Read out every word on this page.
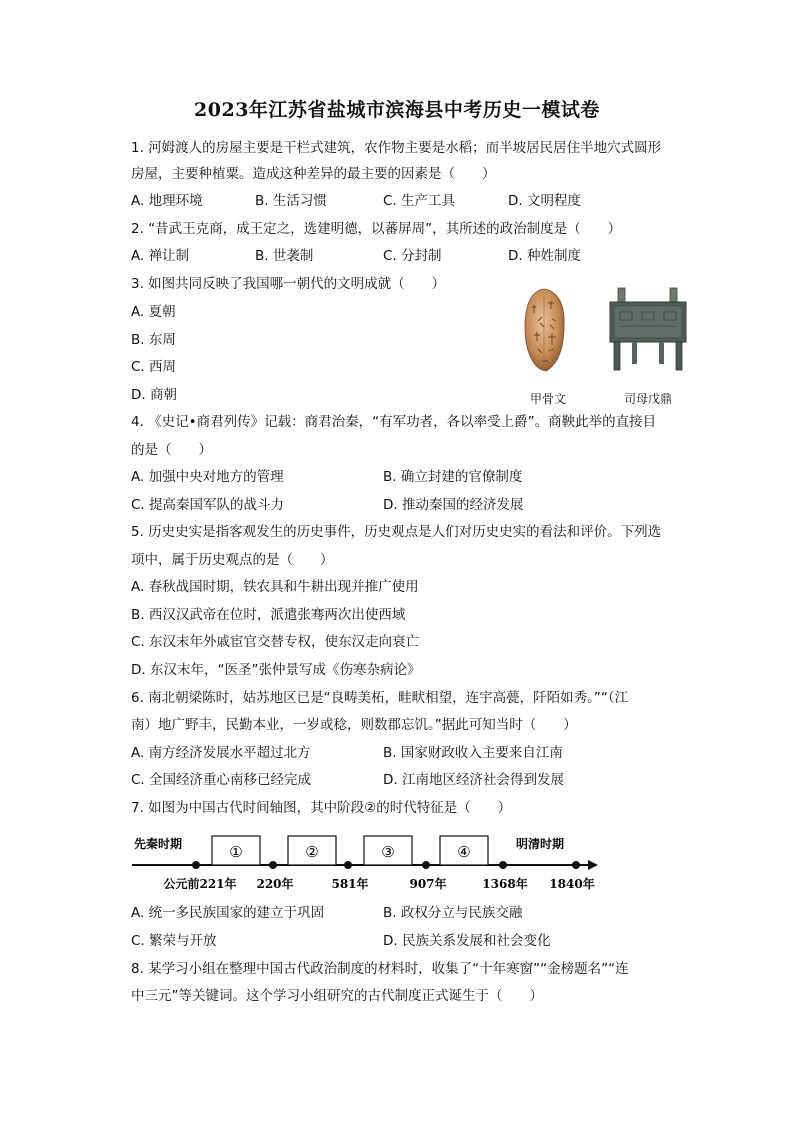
2023年江苏省盐城市滨海县中考历史一模试卷
1. 河姆渡人的房屋主要是干栏式建筑，农作物主要是水稻；而半坡居民居住半地穴式圆形
房屋，主要种植粟。造成这种差异的最主要的因素是（　　）
A. 地理环境	B. 生活习惯	C. 生产工具	D. 文明程度
2. “昔武王克商，成王定之，选建明德，以蕃屏周”，其所述的政治制度是（　　）
A. 禅让制	B. 世袭制	C. 分封制	D. 种姓制度
3. 如图共同反映了我国哪一朝代的文明成就（　　）
A. 夏朝
B. 东周
C. 西周
D. 商朝	甲骨文	司母戊鼎
4. 《史记•商君列传》记载：商君治秦，“有军功者，各以率受上爵”。商鞅此举的直接目
的是（　　）
A. 加强中央对地方的管理	B. 确立封建的官僚制度
C. 提高秦国军队的战斗力	D. 推动秦国的经济发展
5. 历史史实是指客观发生的历史事件，历史观点是人们对历史史实的看法和评价。下列选
项中，属于历史观点的是（　　）
A. 春秋战国时期，铁农具和牛耕出现并推广使用
B. 西汉汉武帝在位时，派遣张骞两次出使西域
C. 东汉末年外戚宦官交替专权，使东汉走向衰亡
D. 东汉末年，“医圣”张仲景写成《伤寒杂病论》
6. 南北朝梁陈时，姑苏地区已是“良畴美柘，畦畎相望，连宇高甍，阡陌如秀。”“（江
南）地广野丰，民勤本业，一岁或稔，则数郡忘饥。”据此可知当时（　　）
A. 南方经济发展水平超过北方	B. 国家财政收入主要来自江南
C. 全国经济重心南移已经完成	D. 江南地区经济社会得到发展
7. 如图为中国古代时间轴图，其中阶段②的时代特征是（　　）
先秦时期	明清时期
①	②	③	④
公元前221年 220年	581年	907年	1368年 1840年
A. 统一多民族国家的建立于巩固	B. 政权分立与民族交融
C. 繁荣与开放	D. 民族关系发展和社会变化
8. 某学习小组在整理中国古代政治制度的材料时，收集了“十年寒窗”“金榜题名”“连
中三元”等关键词。这个学习小组研究的古代制度正式诞生于（　　）
